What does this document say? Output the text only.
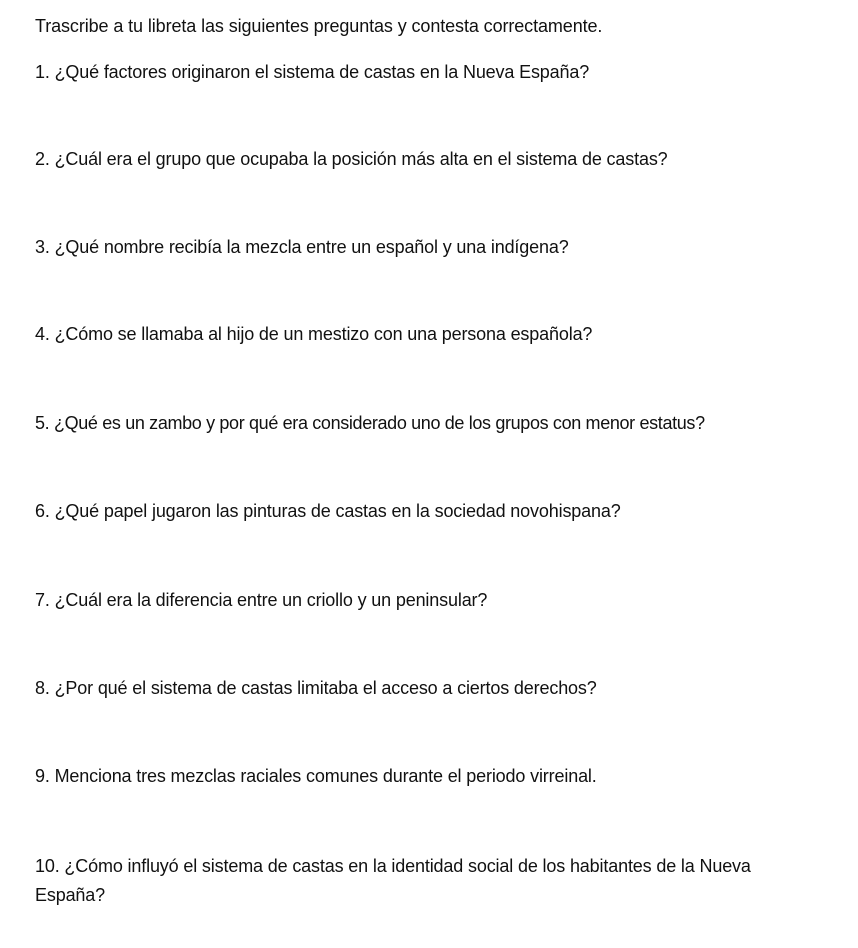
Trascribe a tu libreta las siguientes preguntas y contesta correctamente.
1. ¿Qué factores originaron el sistema de castas en la Nueva España?
2. ¿Cuál era el grupo que ocupaba la posición más alta en el sistema de castas?
3. ¿Qué nombre recibía la mezcla entre un español y una indígena?
4. ¿Cómo se llamaba al hijo de un mestizo con una persona española?
5. ¿Qué es un zambo y por qué era considerado uno de los grupos con menor estatus?
6. ¿Qué papel jugaron las pinturas de castas en la sociedad novohispana?
7. ¿Cuál era la diferencia entre un criollo y un peninsular?
8. ¿Por qué el sistema de castas limitaba el acceso a ciertos derechos?
9. Menciona tres mezclas raciales comunes durante el periodo virreinal.
10. ¿Cómo influyó el sistema de castas en la identidad social de los habitantes de la Nueva España?
